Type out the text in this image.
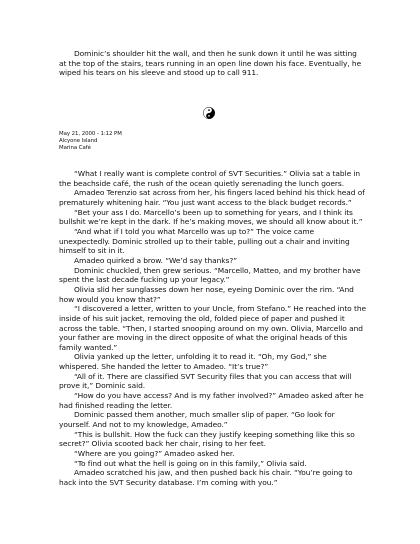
Dominic’s shoulder hit the wall, and then he sunk down it until he was sitting at the top of the stairs, tears running in an open line down his face. Eventually, he wiped his tears on his sleeve and stood up to call 911.

May 21, 2000 - 1:12 PM
Alcyone Island
Marina Café

“What I really want is complete control of SVT Securities.” Olivia sat a table in the beachside café, the rush of the ocean quietly serenading the lunch goers.

Amadeo Terenzio sat across from her, his fingers laced behind his thick head of prematurely whitening hair. “You just want access to the black budget records.”

“Bet your ass I do. Marcello’s been up to something for years, and I think its bullshit we’re kept in the dark. If he’s making moves, we should all know about it.”

“And what if I told you what Marcello was up to?” The voice came unexpectedly. Dominic strolled up to their table, pulling out a chair and inviting himself to sit in it.

Amadeo quirked a brow. “We’d say thanks?”

Dominic chuckled, then grew serious. “Marcello, Matteo, and my brother have spent the last decade fucking up your legacy.”

Olivia slid her sunglasses down her nose, eyeing Dominic over the rim. “And how would you know that?”

“I discovered a letter, written to your Uncle, from Stefano.” He reached into the inside of his suit jacket, removing the old, folded piece of paper and pushed it across the table. “Then, I started snooping around on my own. Olivia, Marcello and your father are moving in the direct opposite of what the original heads of this family wanted.”

Olivia yanked up the letter, unfolding it to read it. “Oh, my God,” she whispered. She handed the letter to Amadeo. “It’s true?”

“All of it. There are classified SVT Security files that you can access that will prove it,” Dominic said.

“How do you have access? And is my father involved?” Amadeo asked after he had finished reading the letter.

Dominic passed them another, much smaller slip of paper. “Go look for yourself. And not to my knowledge, Amadeo.”

“This is bullshit. How the fuck can they justify keeping something like this so secret?” Olivia scooted back her chair, rising to her feet.

“Where are you going?” Amadeo asked her.

“To find out what the hell is going on in this family,” Olivia said.

Amadeo scratched his jaw, and then pushed back his chair. “You’re going to hack into the SVT Security database. I’m coming with you.”
